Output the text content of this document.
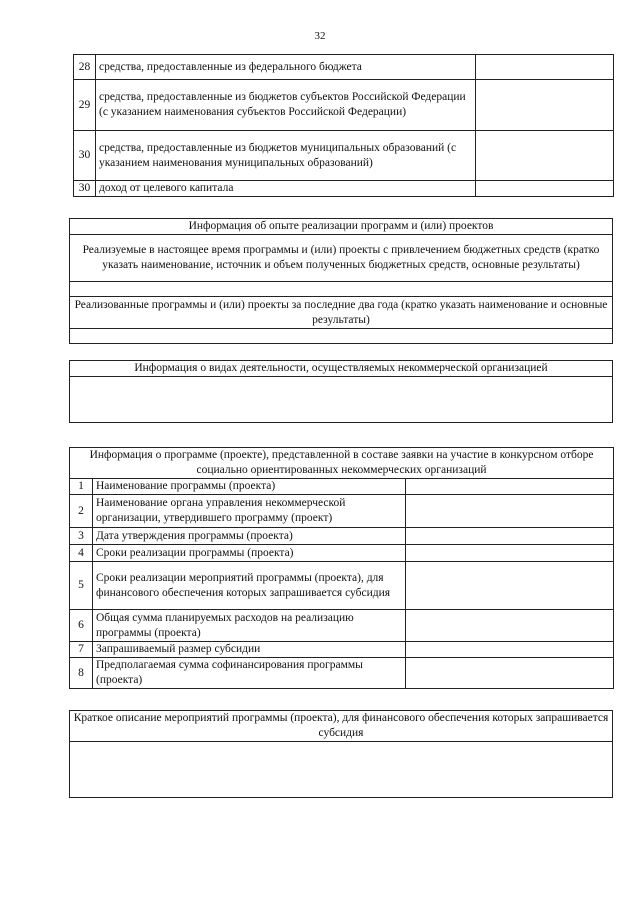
32
28	средства, предоставленные из федерального бюджета	
29	средства, предоставленные из бюджетов субъектов Российской Федерации (с указанием наименования субъектов Российской Федерации)	
30	средства, предоставленные из бюджетов муниципальных образований (с указанием наименования муниципальных образований)	
30	доход от целевого капитала	
Информация об опыте реализации программ и (или) проектов
Реализуемые в настоящее время программы и (или) проекты с привлечением бюджетных средств (кратко указать наименование, источник и объем полученных бюджетных средств, основные результаты)

Реализованные программы и (или) проекты за последние два года (кратко указать наименование и основные результаты)

Информация о видах деятельности, осуществляемых некоммерческой организацией

Информация о программе (проекте), представленной в составе заявки на участие в конкурсном отборе социально ориентированных некоммерческих организаций		
1	Наименование программы (проекта)	
2	Наименование органа управления некоммерческой организации, утвердившего программу (проект)	
3	Дата утверждения программы (проекта)	
4	Сроки реализации программы (проекта)	
5	Сроки реализации мероприятий программы (проекта), для финансового обеспечения которых запрашивается субсидия	
6	Общая сумма планируемых расходов на реализацию программы (проекта)	
7	Запрашиваемый размер субсидии	
8	Предполагаемая сумма софинансирования программы (проекта)	
Краткое описание мероприятий программы (проекта), для финансового обеспечения которых запрашивается субсидия
